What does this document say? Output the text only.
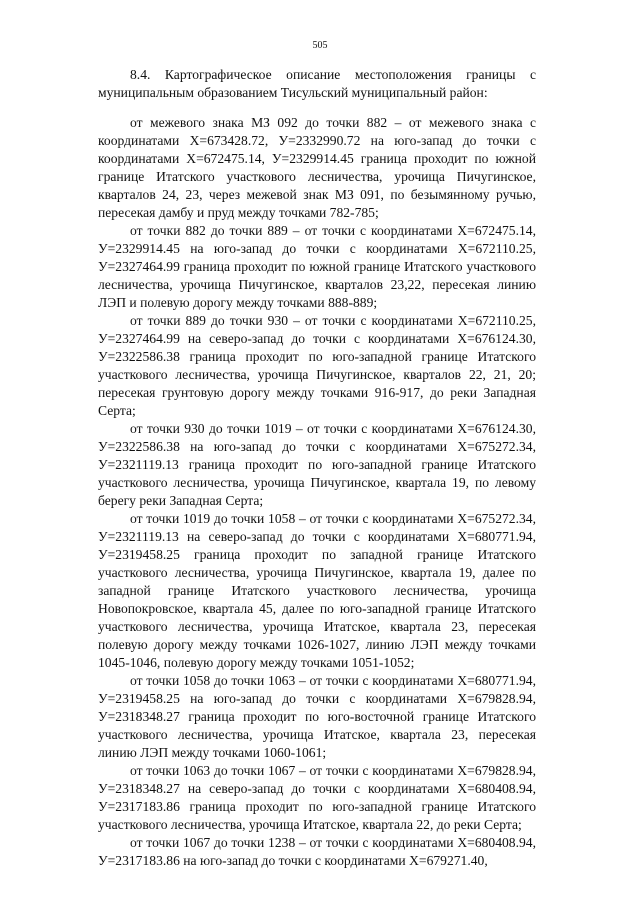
505

8.4. Картографическое описание местоположения границы с муниципальным образованием Тисульский муниципальный район:

от межевого знака МЗ 092 до точки 882 – от межевого знака с координатами Х=673428.72, У=2332990.72 на юго-запад до точки с координатами Х=672475.14, У=2329914.45 граница проходит по южной границе Итатского участкового лесничества, урочища Пичугинское, кварталов 24, 23, через межевой знак МЗ 091, по безымянному ручью, пересекая дамбу и пруд между точками 782-785;

от точки 882 до точки 889 – от точки с координатами Х=672475.14, У=2329914.45 на юго-запад до точки с координатами Х=672110.25, У=2327464.99 граница проходит по южной границе Итатского участкового лесничества, урочища Пичугинское, кварталов 23,22, пересекая линию ЛЭП и полевую дорогу между точками 888-889;

от точки 889 до точки 930 – от точки с координатами Х=672110.25, У=2327464.99 на северо-запад до точки с координатами Х=676124.30, У=2322586.38 граница проходит по юго-западной границе Итатского участкового лесничества, урочища Пичугинское, кварталов 22, 21, 20; пересекая грунтовую дорогу между точками 916-917, до реки Западная Серта;

от точки 930 до точки 1019 – от точки с координатами Х=676124.30, У=2322586.38 на юго-запад до точки с координатами Х=675272.34, У=2321119.13 граница проходит по юго-западной границе Итатского участкового лесничества, урочища Пичугинское, квартала 19, по левому берегу реки Западная Серта;

от точки 1019 до точки 1058 – от точки с координатами Х=675272.34, У=2321119.13 на северо-запад до точки с координатами Х=680771.94, У=2319458.25 граница проходит по западной границе Итатского участкового лесничества, урочища Пичугинское, квартала 19, далее по западной границе Итатского участкового лесничества, урочища Новопокровское, квартала 45, далее по юго-западной границе Итатского участкового лесничества, урочища Итатское, квартала 23, пересекая полевую дорогу между точками 1026-1027, линию ЛЭП между точками 1045-1046, полевую дорогу между точками 1051-1052;

от точки 1058 до точки 1063 – от точки с координатами Х=680771.94, У=2319458.25 на юго-запад до точки с координатами Х=679828.94, У=2318348.27 граница проходит по юго-восточной границе Итатского участкового лесничества, урочища Итатское, квартала 23, пересекая линию ЛЭП между точками 1060-1061;

от точки 1063 до точки 1067 – от точки с координатами Х=679828.94, У=2318348.27 на северо-запад до точки с координатами Х=680408.94, У=2317183.86 граница проходит по юго-западной границе Итатского участкового лесничества, урочища Итатское, квартала 22, до реки Серта;

от точки 1067 до точки 1238 – от точки с координатами Х=680408.94, У=2317183.86 на юго-запад до точки с координатами Х=679271.40,
